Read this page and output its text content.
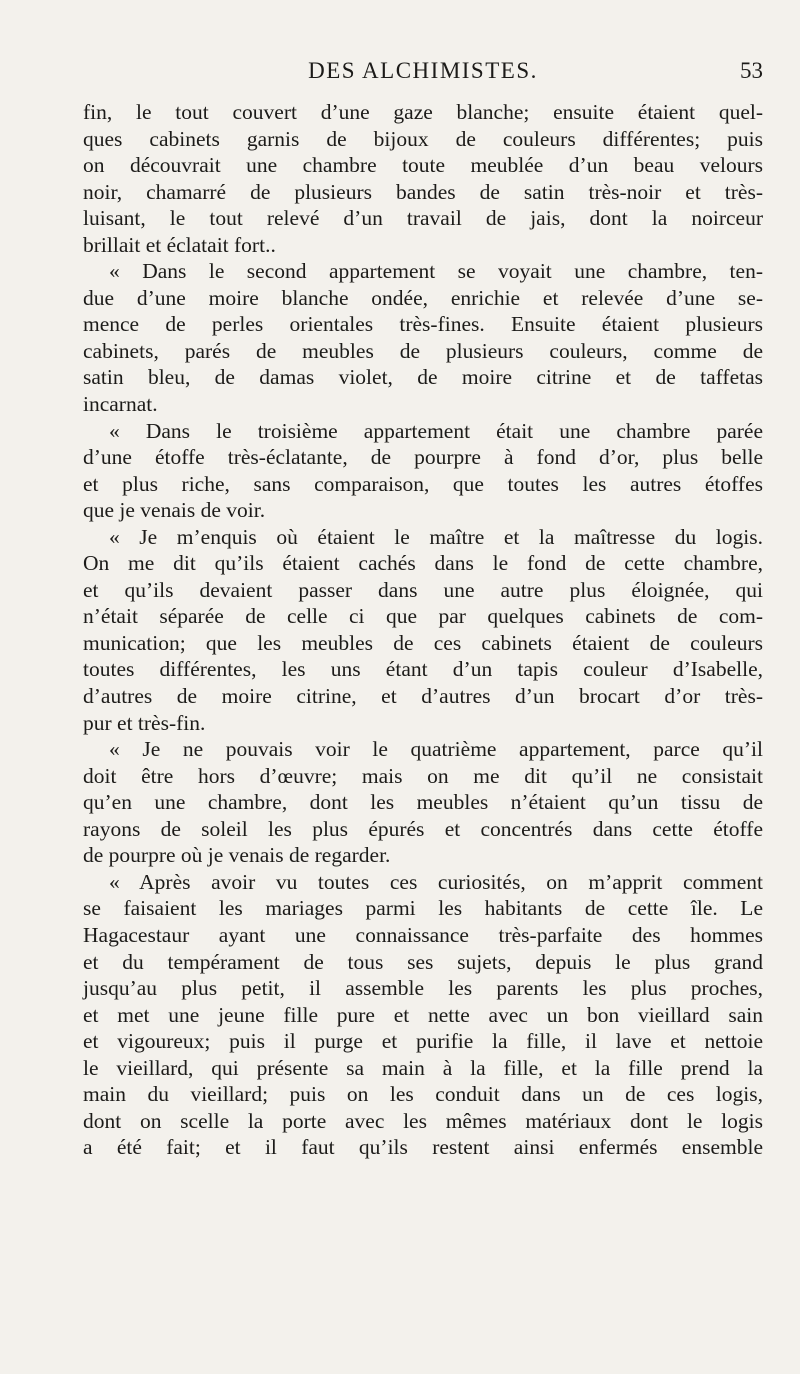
DES ALCHIMISTES.	53
fin, le tout couvert d’une gaze blanche; ensuite étaient quel-
ques cabinets garnis de bijoux de couleurs différentes; puis
on découvrait une chambre toute meublée d’un beau velours
noir, chamarré de plusieurs bandes de satin très-noir et très-
luisant, le tout relevé d’un travail de jais, dont la noirceur
brillait et éclatait fort..
« Dans le second appartement se voyait une chambre, ten-
due d’une moire blanche ondée, enrichie et relevée d’une se-
mence de perles orientales très-fines. Ensuite étaient plusieurs
cabinets, parés de meubles de plusieurs couleurs, comme de
satin bleu, de damas violet, de moire citrine et de taffetas
incarnat.
« Dans le troisième appartement était une chambre parée
d’une étoffe très-éclatante, de pourpre à fond d’or, plus belle
et plus riche, sans comparaison, que toutes les autres étoffes
que je venais de voir.
« Je m’enquis où étaient le maître et la maîtresse du logis.
On me dit qu’ils étaient cachés dans le fond de cette chambre,
et qu’ils devaient passer dans une autre plus éloignée, qui
n’était séparée de celle ci que par quelques cabinets de com-
munication; que les meubles de ces cabinets étaient de couleurs
toutes différentes, les uns étant d’un tapis couleur d’Isabelle,
d’autres de moire citrine, et d’autres d’un brocart d’or très-
pur et très-fin.
« Je ne pouvais voir le quatrième appartement, parce qu’il
doit être hors d’œuvre; mais on me dit qu’il ne consistait
qu’en une chambre, dont les meubles n’étaient qu’un tissu de
rayons de soleil les plus épurés et concentrés dans cette étoffe
de pourpre où je venais de regarder.
« Après avoir vu toutes ces curiosités, on m’apprit comment
se faisaient les mariages parmi les habitants de cette île. Le
Hagacestaur ayant une connaissance très-parfaite des hommes
et du tempérament de tous ses sujets, depuis le plus grand
jusqu’au plus petit, il assemble les parents les plus proches,
et met une jeune fille pure et nette avec un bon vieillard sain
et vigoureux; puis il purge et purifie la fille, il lave et nettoie
le vieillard, qui présente sa main à la fille, et la fille prend la
main du vieillard; puis on les conduit dans un de ces logis,
dont on scelle la porte avec les mêmes matériaux dont le logis
a été fait; et il faut qu’ils restent ainsi enfermés ensemble
